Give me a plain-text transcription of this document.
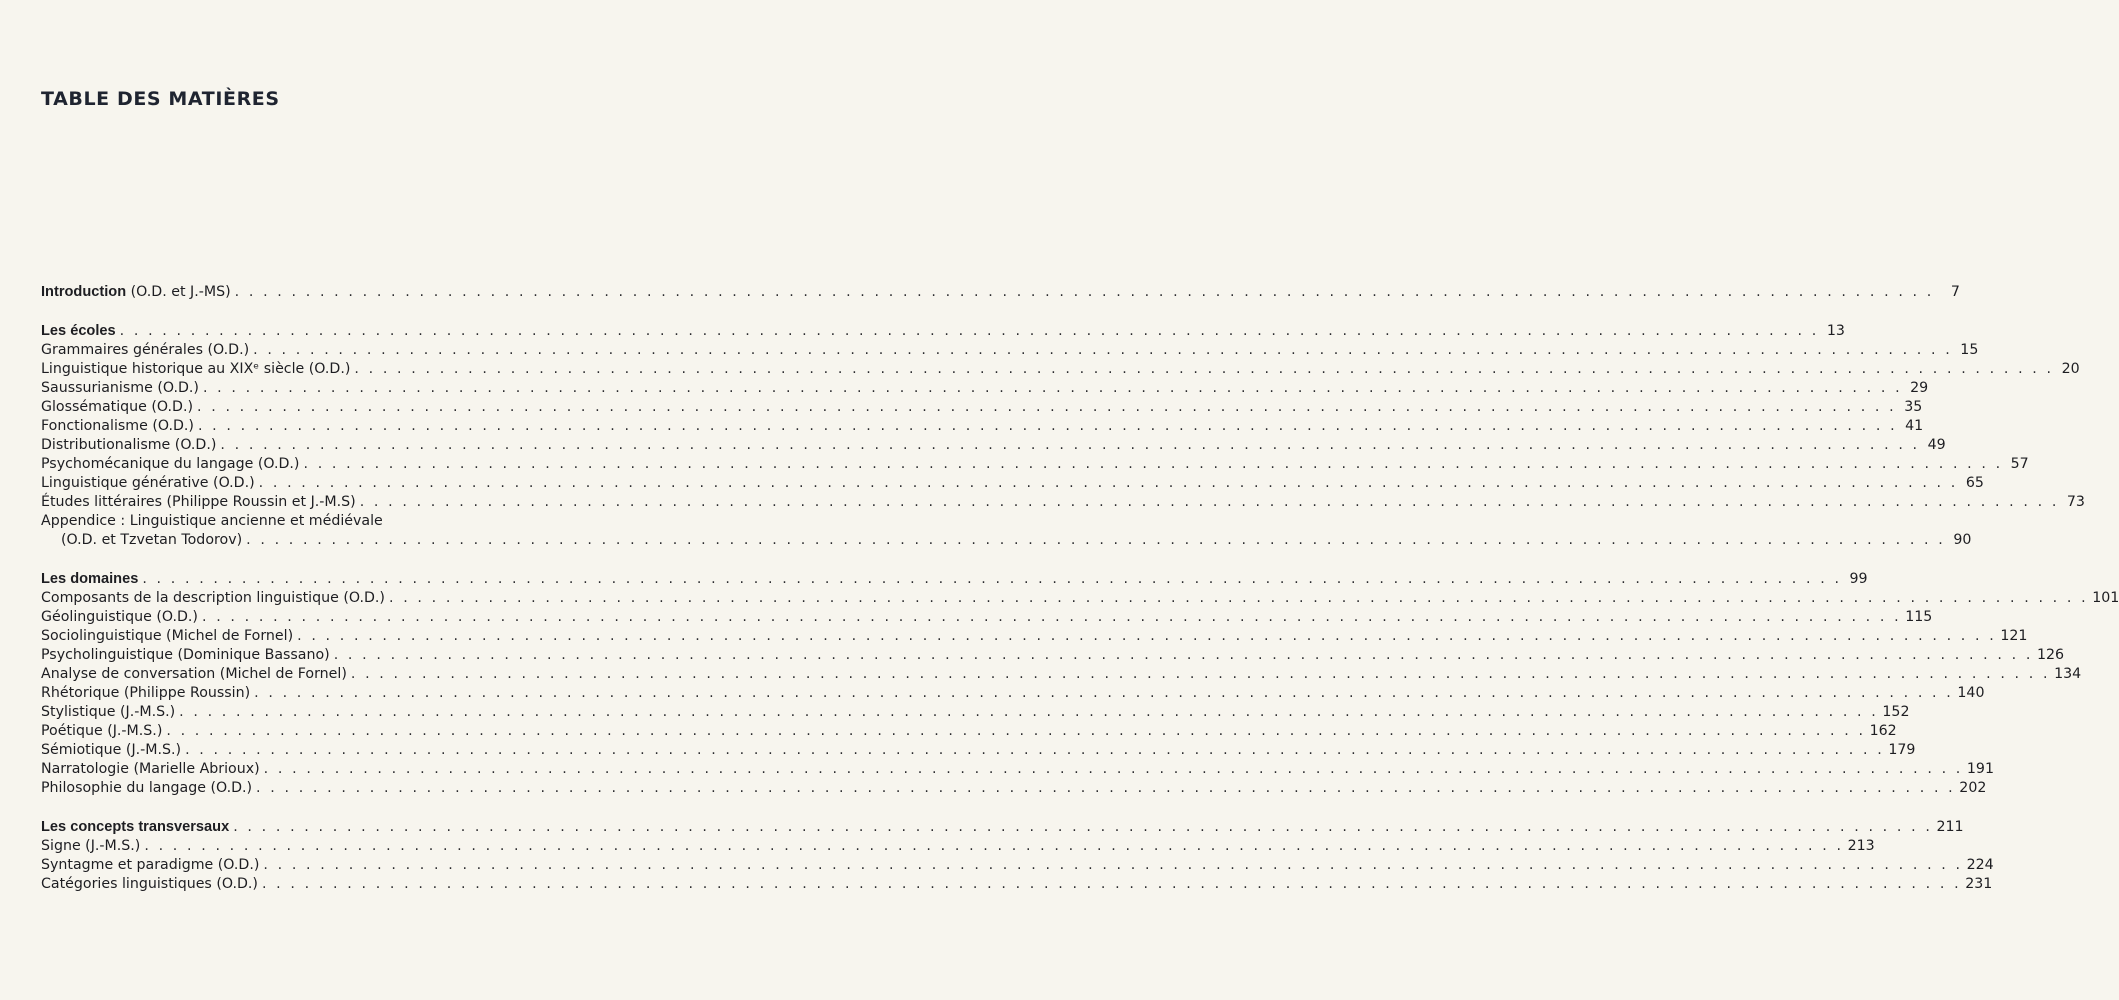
TABLE DES MATIÈRES
Introduction (O.D. et J.-MS) . . . . . . . . . . . . . . . . . . . . . . . . . . . . . . . . . . . . . . . . . . . . . . . . . . . . . . . . . . . . . . . . . . . . . . . . . . . . . . . . . . . . . . . . . . . . . . . . . . . . . . . . . . . . . . . . . . . . . . . .	7
Les écoles . . . . . . . . . . . . . . . . . . . . . . . . . . . . . . . . . . . . . . . . . . . . . . . . . . . . . . . . . . . . . . . . . . . . . . . . . . . . . . . . . . . . . . . . . . . . . . . . . . . . . . . . . . . . . . . . . . . . . . . . 13
Grammaires générales (O.D.) . . . . . . . . . . . . . . . . . . . . . . . . . . . . . . . . . . . . . . . . . . . . . . . . . . . . . . . . . . . . . . . . . . . . . . . . . . . . . . . . . . . . . . . . . . . . . . . . . . . . . . . . . . . . . . . . . . . . . . . . 15
Linguistique historique au XIXᵉ siècle (O.D.) . . . . . . . . . . . . . . . . . . . . . . . . . . . . . . . . . . . . . . . . . . . . . . . . . . . . . . . . . . . . . . . . . . . . . . . . . . . . . . . . . . . . . . . . . . . . . . . . . . . . . . . . . . . . . . . . . . . . . . . . 20
Saussurianisme (O.D.) . . . . . . . . . . . . . . . . . . . . . . . . . . . . . . . . . . . . . . . . . . . . . . . . . . . . . . . . . . . . . . . . . . . . . . . . . . . . . . . . . . . . . . . . . . . . . . . . . . . . . . . . . . . . . . . . . . . . . . . . 29
Glossématique (O.D.) . . . . . . . . . . . . . . . . . . . . . . . . . . . . . . . . . . . . . . . . . . . . . . . . . . . . . . . . . . . . . . . . . . . . . . . . . . . . . . . . . . . . . . . . . . . . . . . . . . . . . . . . . . . . . . . . . . . . . . . . 35
Fonctionalisme (O.D.) . . . . . . . . . . . . . . . . . . . . . . . . . . . . . . . . . . . . . . . . . . . . . . . . . . . . . . . . . . . . . . . . . . . . . . . . . . . . . . . . . . . . . . . . . . . . . . . . . . . . . . . . . . . . . . . . . . . . . . . . 41
Distributionalisme (O.D.) . . . . . . . . . . . . . . . . . . . . . . . . . . . . . . . . . . . . . . . . . . . . . . . . . . . . . . . . . . . . . . . . . . . . . . . . . . . . . . . . . . . . . . . . . . . . . . . . . . . . . . . . . . . . . . . . . . . . . . . . 49
Psychomécanique du langage (O.D.) . . . . . . . . . . . . . . . . . . . . . . . . . . . . . . . . . . . . . . . . . . . . . . . . . . . . . . . . . . . . . . . . . . . . . . . . . . . . . . . . . . . . . . . . . . . . . . . . . . . . . . . . . . . . . . . . . . . . . . . . 57
Linguistique générative (O.D.) . . . . . . . . . . . . . . . . . . . . . . . . . . . . . . . . . . . . . . . . . . . . . . . . . . . . . . . . . . . . . . . . . . . . . . . . . . . . . . . . . . . . . . . . . . . . . . . . . . . . . . . . . . . . . . . . . . . . . . . . 65
Études littéraires (Philippe Roussin et J.-M.S) . . . . . . . . . . . . . . . . . . . . . . . . . . . . . . . . . . . . . . . . . . . . . . . . . . . . . . . . . . . . . . . . . . . . . . . . . . . . . . . . . . . . . . . . . . . . . . . . . . . . . . . . . . . . . . . . . . . . . . . . 73
Appendice : Linguistique ancienne et médiévale
(O.D. et Tzvetan Todorov) . . . . . . . . . . . . . . . . . . . . . . . . . . . . . . . . . . . . . . . . . . . . . . . . . . . . . . . . . . . . . . . . . . . . . . . . . . . . . . . . . . . . . . . . . . . . . . . . . . . . . . . . . . . . . . . . . . . . . . . . 90
Les domaines . . . . . . . . . . . . . . . . . . . . . . . . . . . . . . . . . . . . . . . . . . . . . . . . . . . . . . . . . . . . . . . . . . . . . . . . . . . . . . . . . . . . . . . . . . . . . . . . . . . . . . . . . . . . . . . . . . . . . . . . 99
Composants de la description linguistique (O.D.) . . . . . . . . . . . . . . . . . . . . . . . . . . . . . . . . . . . . . . . . . . . . . . . . . . . . . . . . . . . . . . . . . . . . . . . . . . . . . . . . . . . . . . . . . . . . . . . . . . . . . . . . . . . . . . . . . . . . . . . . 101
Géolinguistique (O.D.) . . . . . . . . . . . . . . . . . . . . . . . . . . . . . . . . . . . . . . . . . . . . . . . . . . . . . . . . . . . . . . . . . . . . . . . . . . . . . . . . . . . . . . . . . . . . . . . . . . . . . . . . . . . . . . . . . . . . . . . . 115
Sociolinguistique (Michel de Fornel) . . . . . . . . . . . . . . . . . . . . . . . . . . . . . . . . . . . . . . . . . . . . . . . . . . . . . . . . . . . . . . . . . . . . . . . . . . . . . . . . . . . . . . . . . . . . . . . . . . . . . . . . . . . . . . . . . . . . . . . . 121
Psycholinguistique (Dominique Bassano) . . . . . . . . . . . . . . . . . . . . . . . . . . . . . . . . . . . . . . . . . . . . . . . . . . . . . . . . . . . . . . . . . . . . . . . . . . . . . . . . . . . . . . . . . . . . . . . . . . . . . . . . . . . . . . . . . . . . . . . . 126
Analyse de conversation (Michel de Fornel) . . . . . . . . . . . . . . . . . . . . . . . . . . . . . . . . . . . . . . . . . . . . . . . . . . . . . . . . . . . . . . . . . . . . . . . . . . . . . . . . . . . . . . . . . . . . . . . . . . . . . . . . . . . . . . . . . . . . . . . . 134
Rhétorique (Philippe Roussin) . . . . . . . . . . . . . . . . . . . . . . . . . . . . . . . . . . . . . . . . . . . . . . . . . . . . . . . . . . . . . . . . . . . . . . . . . . . . . . . . . . . . . . . . . . . . . . . . . . . . . . . . . . . . . . . . . . . . . . . . 140
Stylistique (J.-M.S.) . . . . . . . . . . . . . . . . . . . . . . . . . . . . . . . . . . . . . . . . . . . . . . . . . . . . . . . . . . . . . . . . . . . . . . . . . . . . . . . . . . . . . . . . . . . . . . . . . . . . . . . . . . . . . . . . . . . . . . . . 152
Poétique (J.-M.S.) . . . . . . . . . . . . . . . . . . . . . . . . . . . . . . . . . . . . . . . . . . . . . . . . . . . . . . . . . . . . . . . . . . . . . . . . . . . . . . . . . . . . . . . . . . . . . . . . . . . . . . . . . . . . . . . . . . . . . . . . 162
Sémiotique (J.-M.S.) . . . . . . . . . . . . . . . . . . . . . . . . . . . . . . . . . . . . . . . . . . . . . . . . . . . . . . . . . . . . . . . . . . . . . . . . . . . . . . . . . . . . . . . . . . . . . . . . . . . . . . . . . . . . . . . . . . . . . . . . 179
Narratologie (Marielle Abrioux) . . . . . . . . . . . . . . . . . . . . . . . . . . . . . . . . . . . . . . . . . . . . . . . . . . . . . . . . . . . . . . . . . . . . . . . . . . . . . . . . . . . . . . . . . . . . . . . . . . . . . . . . . . . . . . . . . . . . . . . . 191
Philosophie du langage (O.D.) . . . . . . . . . . . . . . . . . . . . . . . . . . . . . . . . . . . . . . . . . . . . . . . . . . . . . . . . . . . . . . . . . . . . . . . . . . . . . . . . . . . . . . . . . . . . . . . . . . . . . . . . . . . . . . . . . . . . . . . . 202
Les concepts transversaux . . . . . . . . . . . . . . . . . . . . . . . . . . . . . . . . . . . . . . . . . . . . . . . . . . . . . . . . . . . . . . . . . . . . . . . . . . . . . . . . . . . . . . . . . . . . . . . . . . . . . . . . . . . . . . . . . . . . . . . . 211
Signe (J.-M.S.) . . . . . . . . . . . . . . . . . . . . . . . . . . . . . . . . . . . . . . . . . . . . . . . . . . . . . . . . . . . . . . . . . . . . . . . . . . . . . . . . . . . . . . . . . . . . . . . . . . . . . . . . . . . . . . . . . . . . . . . . 213
Syntagme et paradigme (O.D.) . . . . . . . . . . . . . . . . . . . . . . . . . . . . . . . . . . . . . . . . . . . . . . . . . . . . . . . . . . . . . . . . . . . . . . . . . . . . . . . . . . . . . . . . . . . . . . . . . . . . . . . . . . . . . . . . . . . . . . . . 224
Catégories linguistiques (O.D.) . . . . . . . . . . . . . . . . . . . . . . . . . . . . . . . . . . . . . . . . . . . . . . . . . . . . . . . . . . . . . . . . . . . . . . . . . . . . . . . . . . . . . . . . . . . . . . . . . . . . . . . . . . . . . . . . . . . . . . . . 231
